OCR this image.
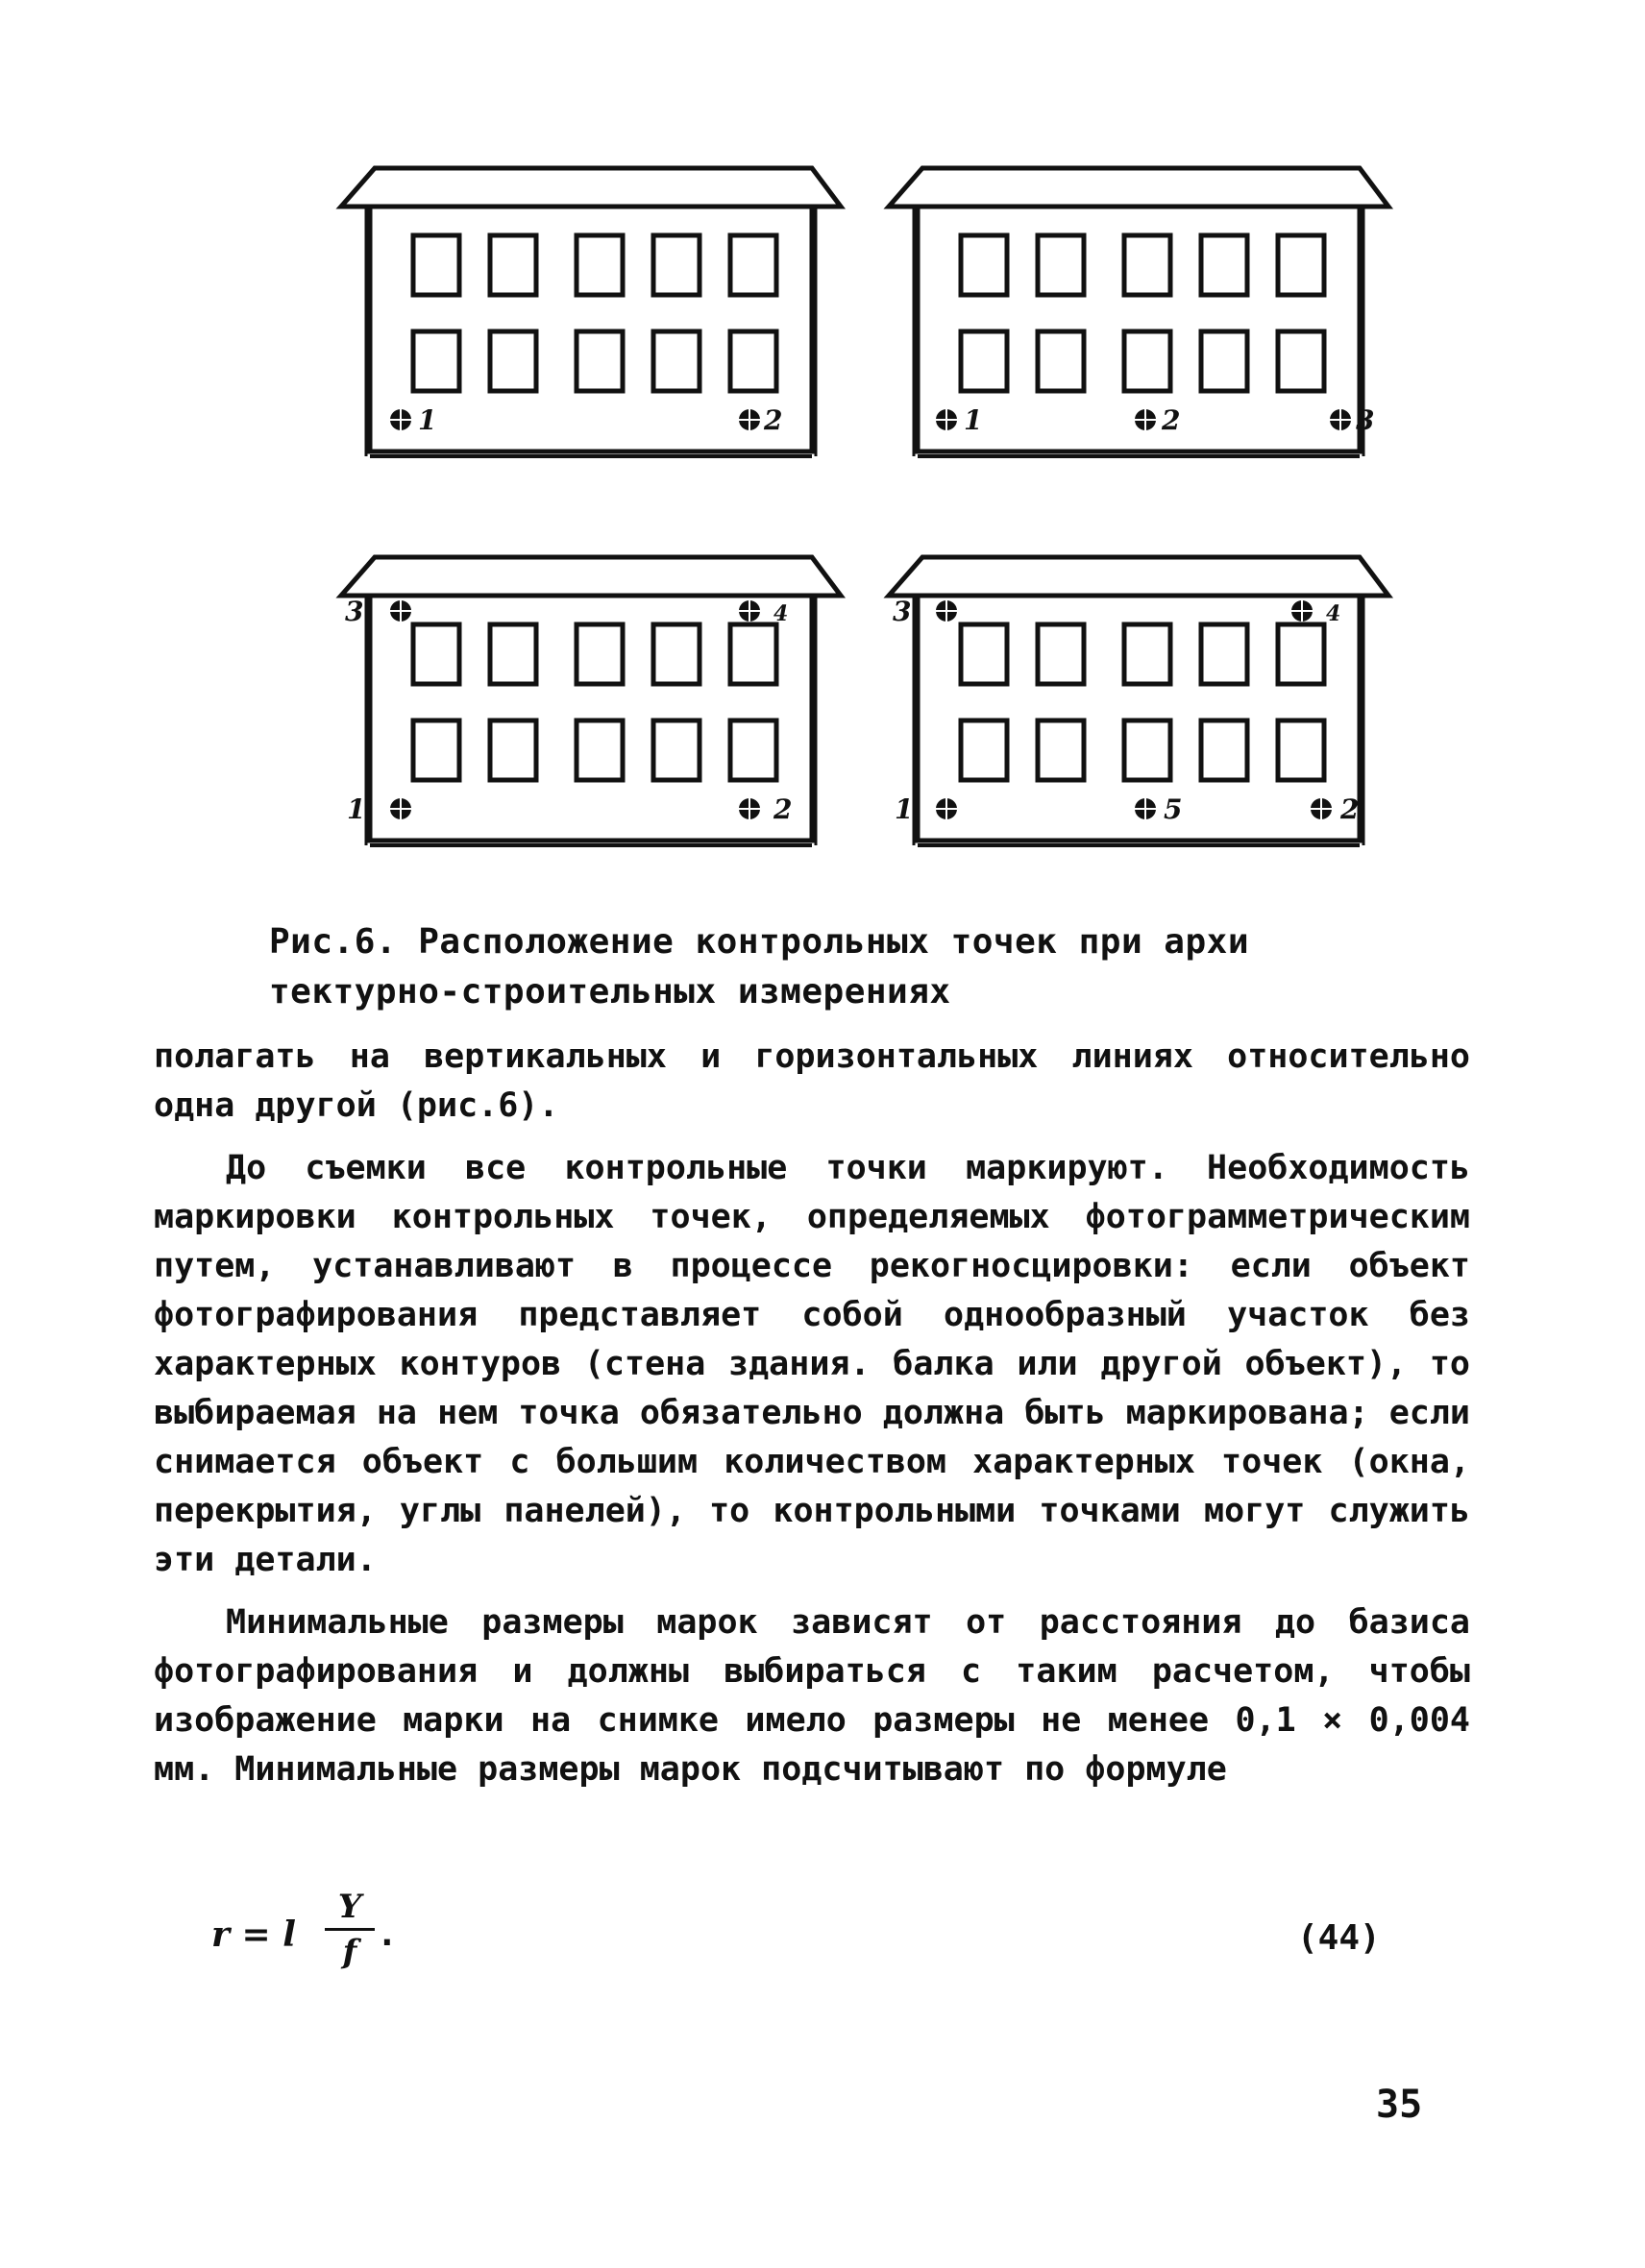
1	2	1	2	3
3	4
1	2
3	4
1	5	2
Рис.6. Расположение контрольных точек при архи
тектурно-строительных измерениях

полагать на вертикальных и горизонтальных линиях относительно одна другой (рис.6).

До съемки все контрольные точки маркируют. Необходимость маркировки контрольных точек, определяемых фотограмметрическим путем, устанавливают в процессе рекогносцировки: если объект фотографирования представляет собой однообразный участок без характерных контуров (стена здания. балка или другой объект), то выбираемая на нем точка обязательно должна быть маркирована; если снимается объект с большим количеством характерных точек (окна, перекрытия, углы панелей), то контрольными точками могут служить эти детали.

Минимальные размеры марок зависят от расстояния до базиса фотографирования и должны выбираться с таким расчетом, чтобы изображение марки на снимке имело размеры не менее 0,1 × 0,004 мм. Минимальные размеры марок подсчитывают по формуле

r = l $\frac{Y}{f}$ .	(44)
35
